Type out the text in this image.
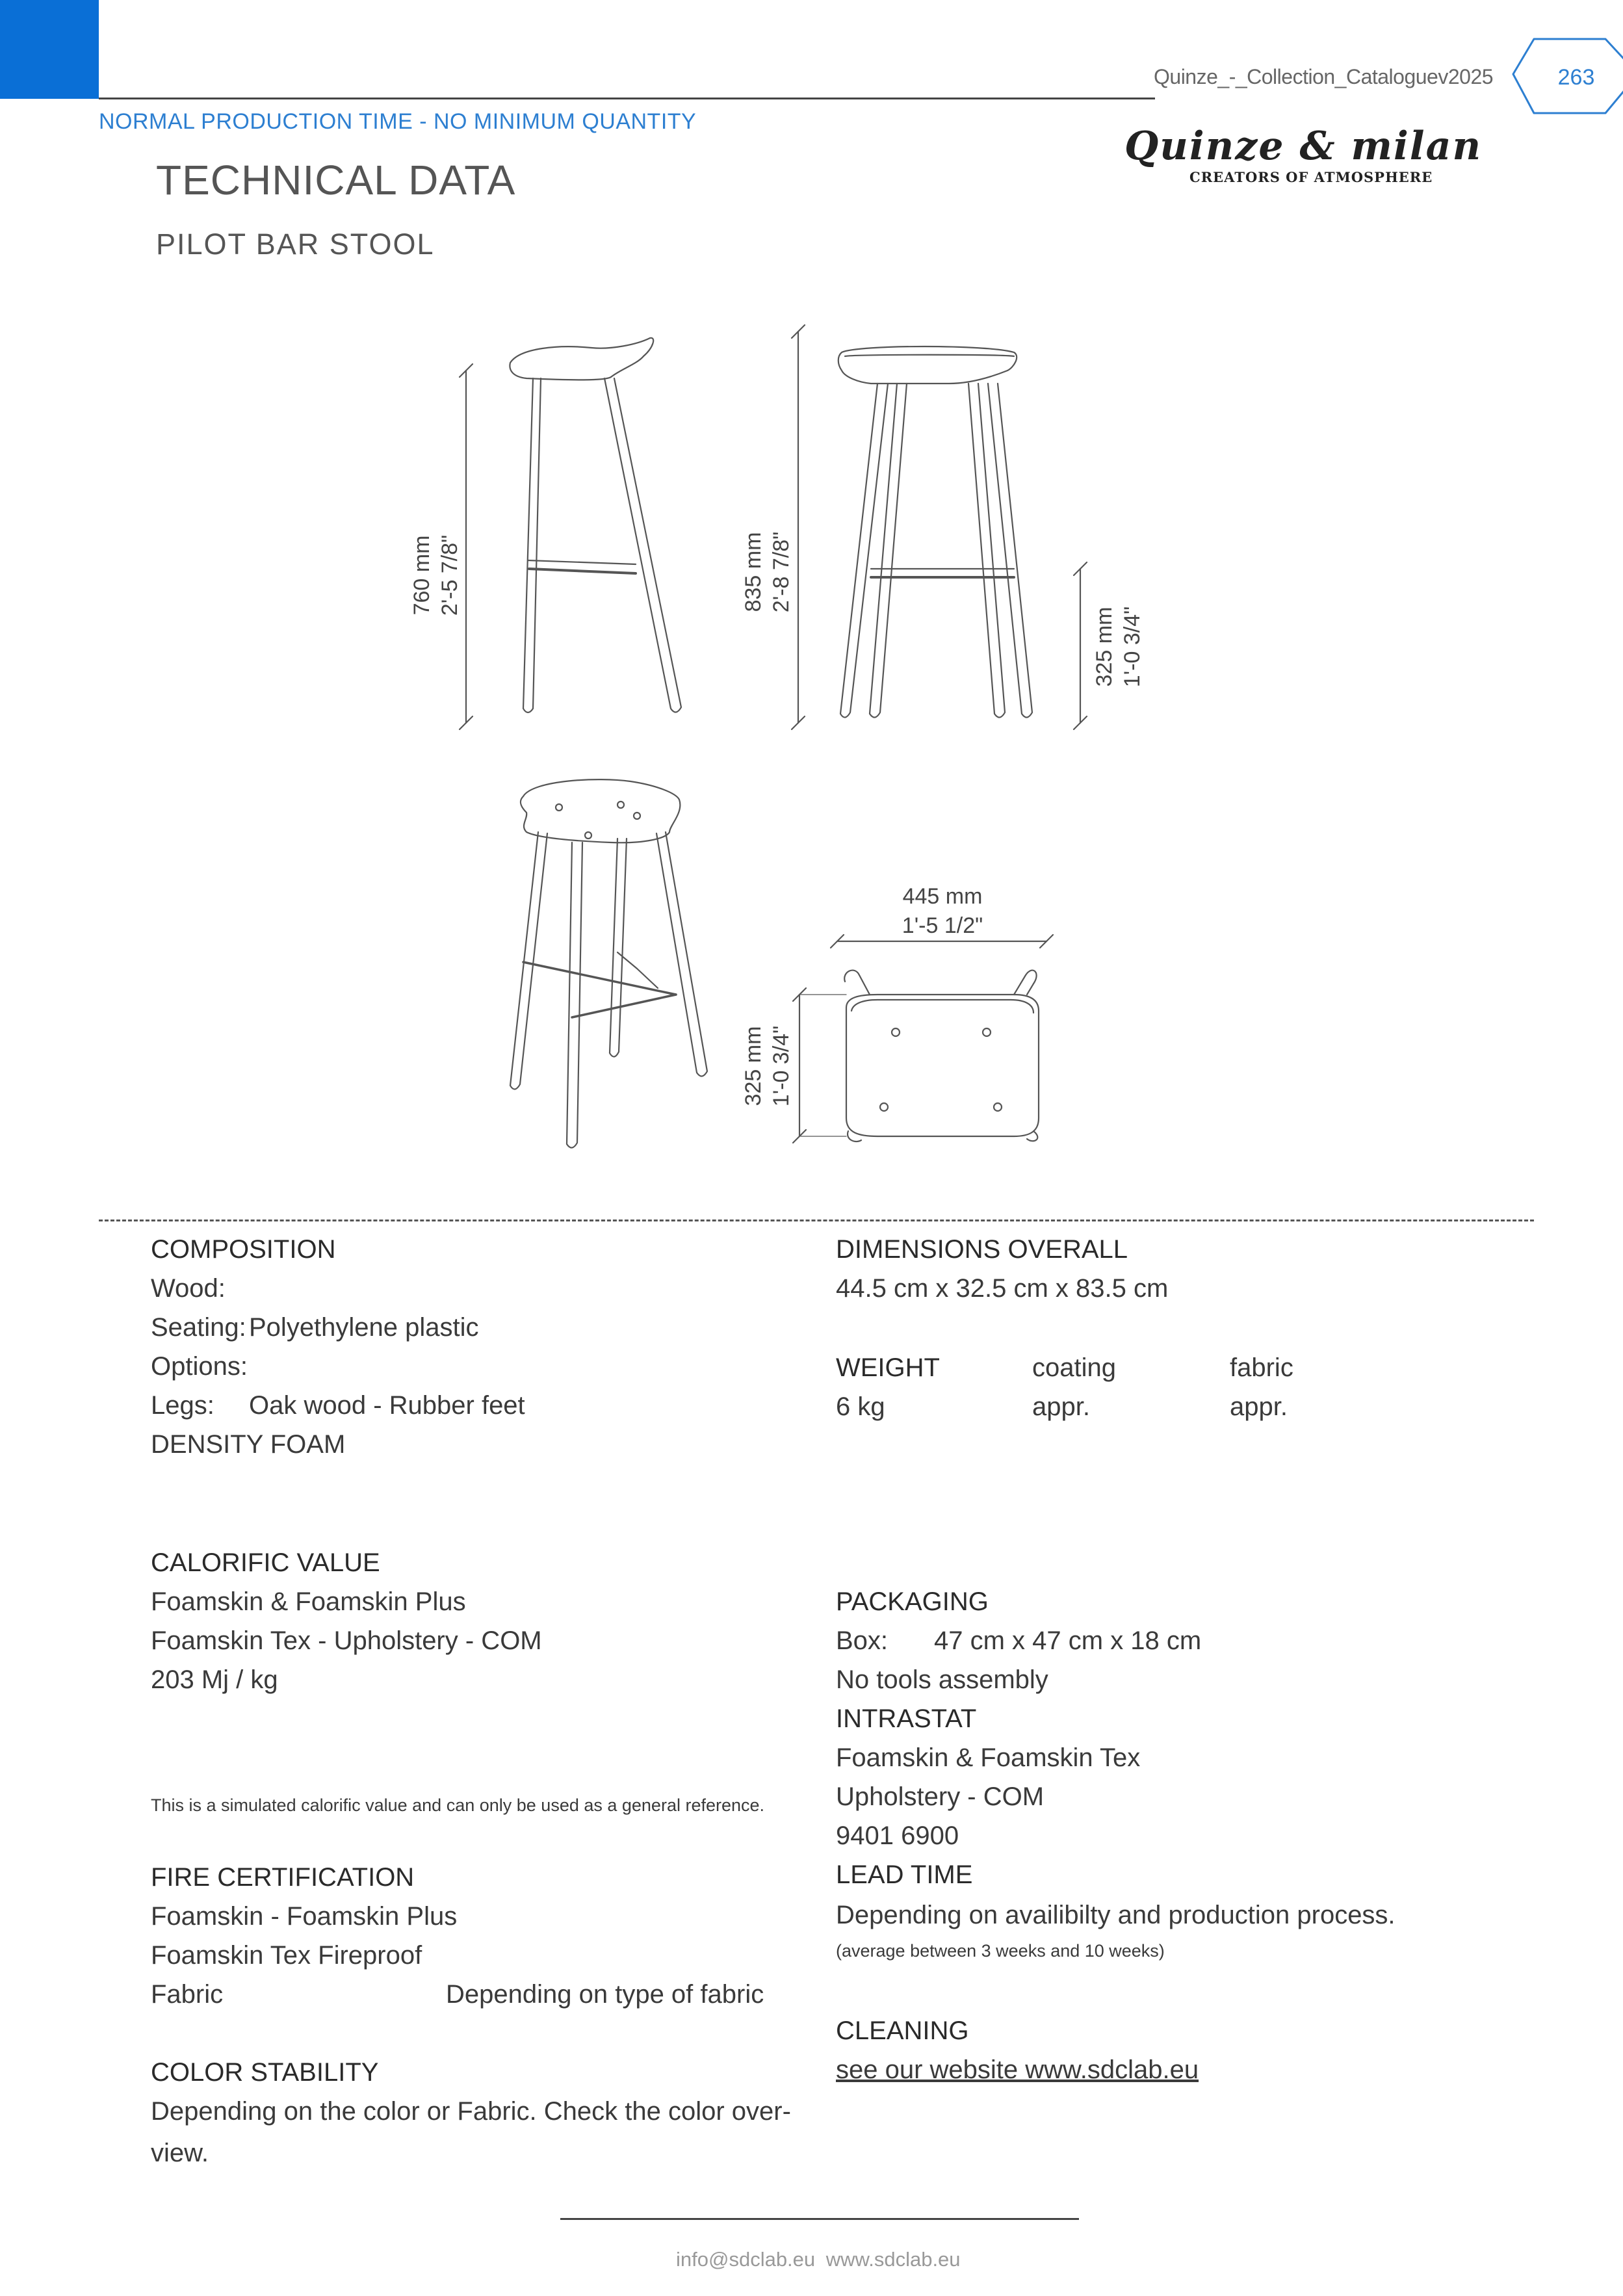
Quinze_-_Collection_Cataloguev2025	263
NORMAL PRODUCTION TIME - NO MINIMUM QUANTITY
TECHNICAL DATA
PILOT BAR STOOL
Quinze & milan
CREATORS OF ATMOSPHERE
760 mm 2'-5 7/8"	835 mm 2'-8 7/8"
325 mm 1'-0 3/4"
445 mm
1'-5 1/2"
325 mm 1'-0 3/4"
COMPOSITION
Wood:
Seating: Polyethylene plastic
Options:
Legs: Oak wood - Rubber feet
DENSITY FOAM
CALORIFIC VALUE
Foamskin & Foamskin Plus
Foamskin Tex - Upholstery - COM
203 Mj / kg
This is a simulated calorific value and can only be used as a general reference.
FIRE CERTIFICATION
Foamskin - Foamskin Plus
Foamskin Tex Fireproof
Fabric	Depending on type of fabric
COLOR STABILITY
Depending on the color or Fabric. Check the color over-
view.
DIMENSIONS OVERALL
44.5 cm x 32.5 cm x 83.5 cm
WEIGHT	coating	fabric
6 kg	appr.	appr.
PACKAGING
Box: 47 cm x 47 cm x 18 cm
No tools assembly
INTRASTAT
Foamskin & Foamskin Tex
Upholstery - COM
9401 6900
LEAD TIME
Depending on availibilty and production process.
(average between 3 weeks and 10 weeks)
CLEANING
see our website www.sdclab.eu
info@sdclab.eu www.sdclab.eu
